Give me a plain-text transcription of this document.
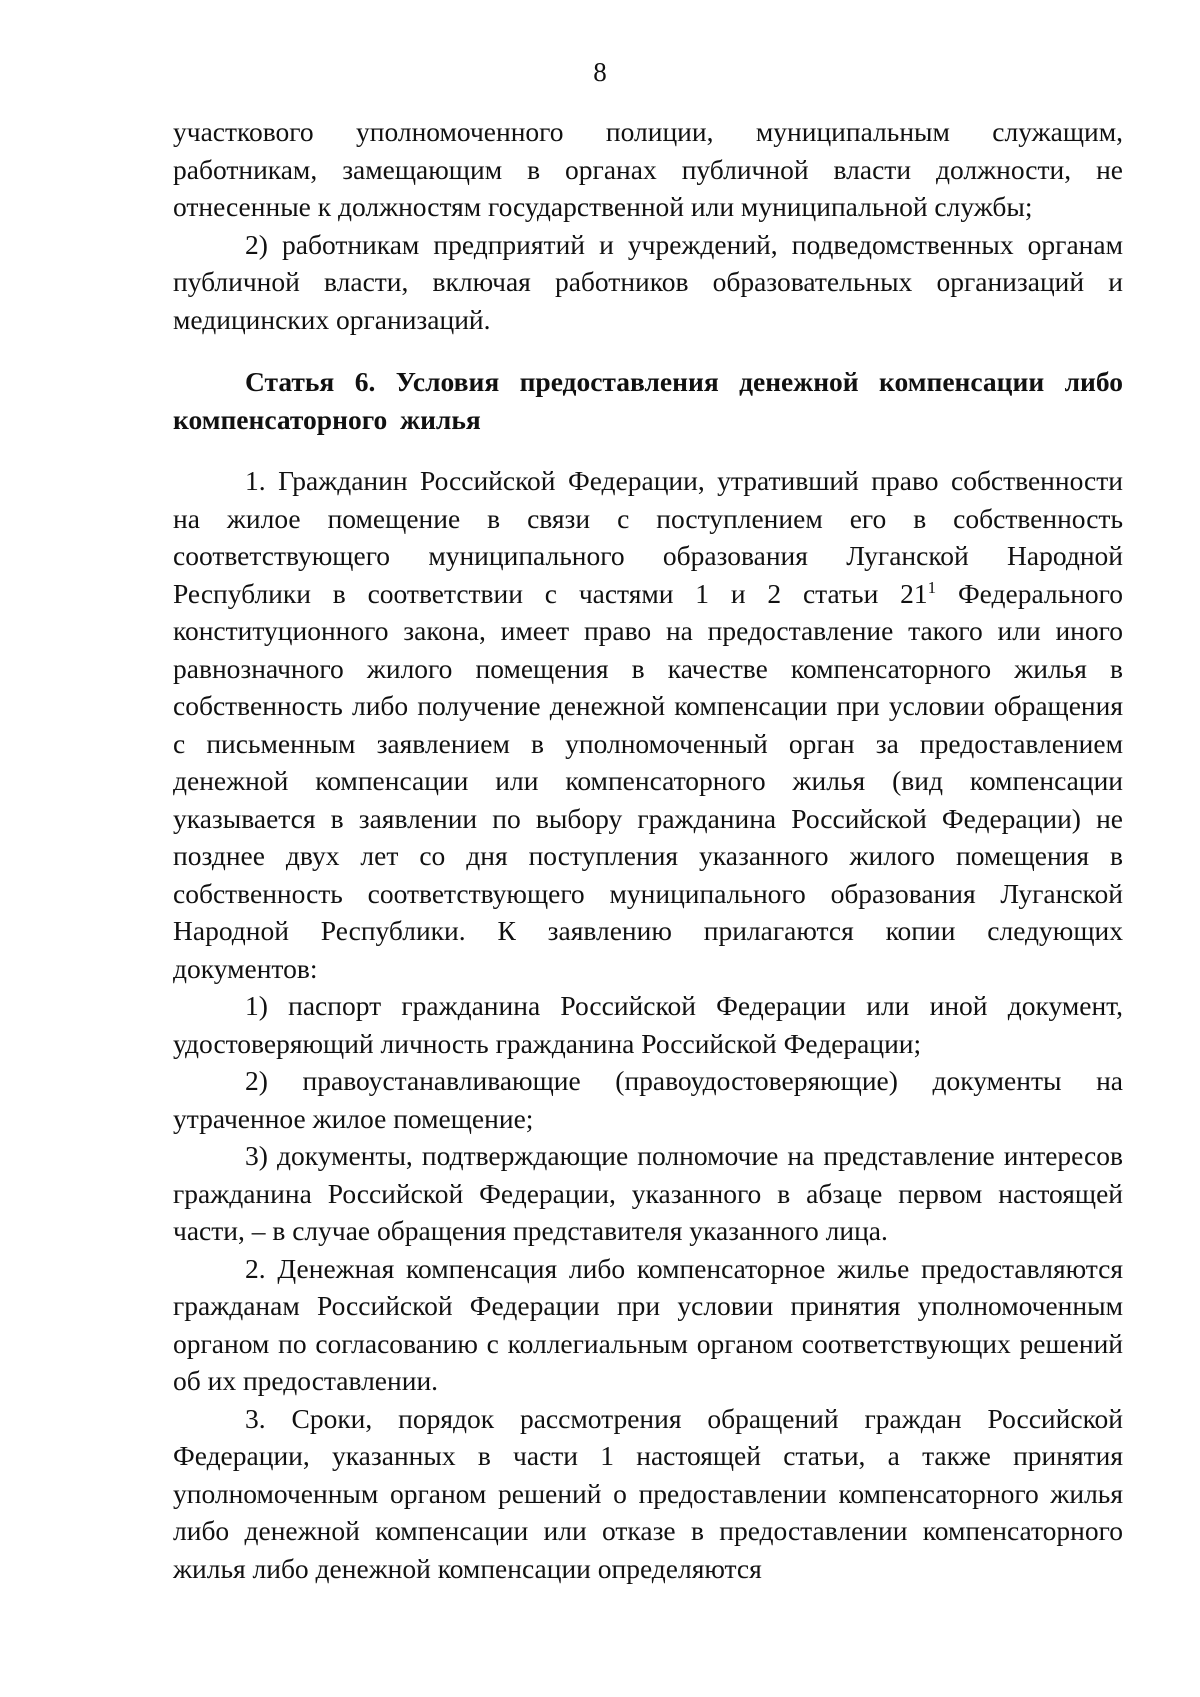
8

участкового уполномоченного полиции, муниципальным служащим, работникам, замещающим в органах публичной власти должности, не отнесенные к должностям государственной или муниципальной службы;

2) работникам предприятий и учреждений, подведомственных органам публичной власти, включая работников образовательных организаций и медицинских организаций.

Статья 6. Условия предоставления денежной компенсации либо компенсаторного жилья

1. Гражданин Российской Федерации, утративший право собственности на жилое помещение в связи с поступлением его в собственность соответствующего муниципального образования Луганской Народной Республики в соответствии с частями 1 и 2 статьи $21^1$ Федерального конституционного закона, имеет право на предоставление такого или иного равнозначного жилого помещения в качестве компенсаторного жилья в собственность либо получение денежной компенсации при условии обращения с письменным заявлением в уполномоченный орган за предоставлением денежной компенсации или компенсаторного жилья (вид компенсации указывается в заявлении по выбору гражданина Российской Федерации) не позднее двух лет со дня поступления указанного жилого помещения в собственность соответствующего муниципального образования Луганской Народной Республики. К заявлению прилагаются копии следующих документов:

1) паспорт гражданина Российской Федерации или иной документ, удостоверяющий личность гражданина Российской Федерации;

2) правоустанавливающие (правоудостоверяющие) документы на утраченное жилое помещение;

3) документы, подтверждающие полномочие на представление интересов гражданина Российской Федерации, указанного в абзаце первом настоящей части, – в случае обращения представителя указанного лица.

2. Денежная компенсация либо компенсаторное жилье предоставляются гражданам Российской Федерации при условии принятия уполномоченным органом по согласованию с коллегиальным органом соответствующих решений об их предоставлении.

3. Сроки, порядок рассмотрения обращений граждан Российской Федерации, указанных в части 1 настоящей статьи, а также принятия уполномоченным органом решений о предоставлении компенсаторного жилья либо денежной компенсации или отказе в предоставлении компенсаторного жилья либо денежной компенсации определяются
